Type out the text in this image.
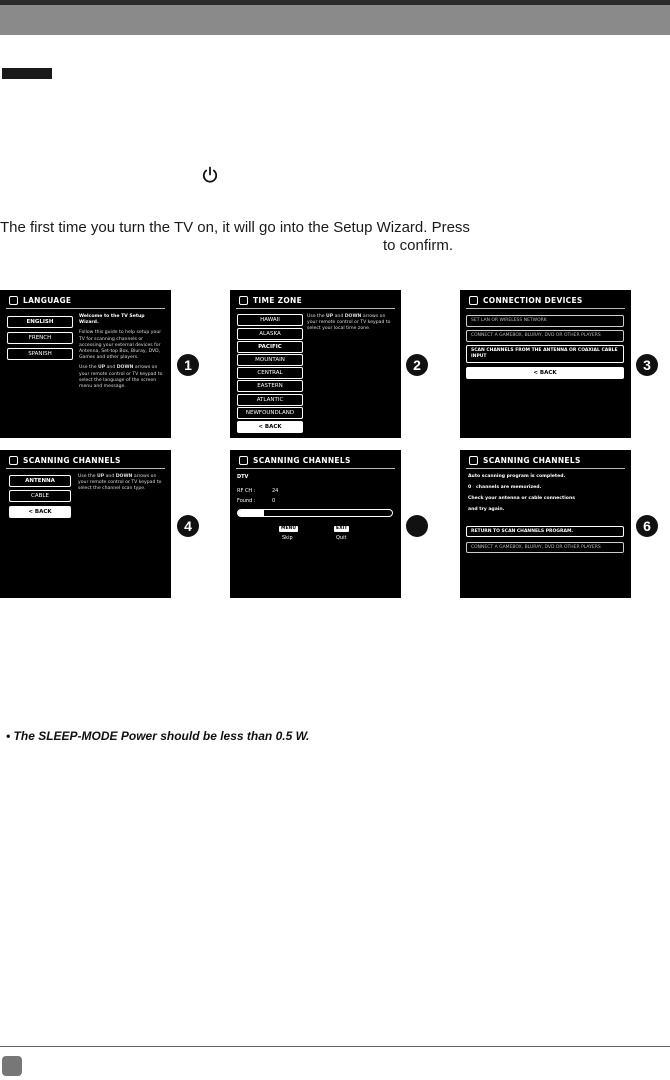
The first time you turn the TV on, it will go into the Setup Wizard. Press
to confirm.
LANGUAGE
ENGLISH
FRENCH
SPANISH
Welcome to the TV Setup Wizard.
Follow this guide to help setup your TV for scanning channels or accessing your external devices for Antenna, Set-top Box, Bluray, DVD, Games and other players.
Use the UP and DOWN arrows on your remote control or TV keypad to select the language of the screen menu and message.
1
TIME ZONE
HAWAII
ALASKA
PACIFIC
MOUNTAIN
CENTRAL
EASTERN
ATLANTIC
NEWFOUNDLAND
< BACK
Use the UP and DOWN arrows on your remote control or TV keypad to select your local time zone.
2
CONNECTION DEVICES
SET LAN OR WIRELESS NETWORK
CONNECT A GAMEBOX, BLURAY, DVD OR OTHER PLAYERS
SCAN CHANNELS FROM THE ANTENNA OR COAXIAL CABLE INPUT
< BACK	3
SCANNING CHANNELS
ANTENNA
CABLE
< BACK
Use the UP and DOWN arrows on your remote control or TV keypad to select the channel scan type.
4
SCANNING CHANNELS
DTV
RF CH :	24
Found :	0
MENU	EXIT
Skip	Quit
SCANNING CHANNELS
Auto scanning program is completed.
0 channels are memorized.
Check your antenna or cable connections
and try again.
RETURN TO SCAN CHANNELS PROGRAM.
CONNECT A GAMEBOX, BLURAY, DVD OR OTHER PLAYERS
6
• The SLEEP-MODE Power should be less than 0.5 W.
